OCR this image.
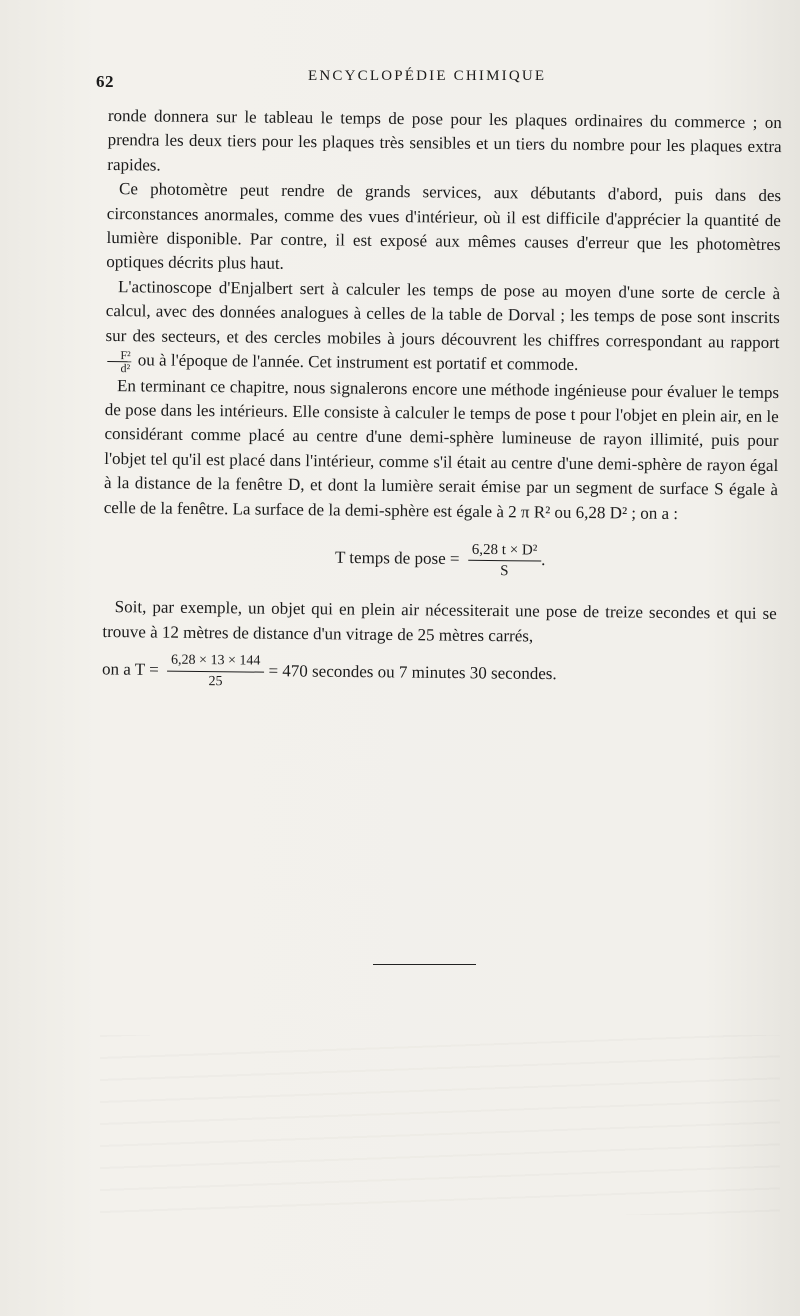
62	ENCYCLOPÉDIE CHIMIQUE

ronde donnera sur le tableau le temps de pose pour les plaques ordinaires du commerce ; on prendra les deux tiers pour les plaques très sensibles et un tiers du nombre pour les plaques extra rapides.

Ce photomètre peut rendre de grands services, aux débutants d'abord, puis dans des circonstances anormales, comme des vues d'intérieur, où il est difficile d'apprécier la quantité de lumière disponible. Par contre, il est exposé aux mêmes causes d'erreur que les photomètres optiques décrits plus haut.

L'actinoscope d'Enjalbert sert à calculer les temps de pose au moyen d'une sorte de cercle à calcul, avec des données analogues à celles de la table de Dorval ; les temps de pose sont inscrits sur des secteurs, et des cercles mobiles à jours découvrent les chiffres correspondant au rapport
$\frac{\text{F²}}{\text{d²}}$ ou à l'époque de l'année. Cet instrument est portatif et commode.

En terminant ce chapitre, nous signalerons encore une méthode ingénieuse pour évaluer le temps de pose dans les intérieurs. Elle consiste à calculer le temps de pose t pour l'objet en plein air, en le considérant comme placé au centre d'une demi-sphère lumineuse de rayon illimité, puis pour l'objet tel qu'il est placé dans l'intérieur, comme s'il était au centre d'une demi-sphère de rayon égal à la distance de la fenêtre D, et dont la lumière serait émise par un segment de surface S égale à celle de la fenêtre. La surface de la demi-sphère est égale à 2 π R² ou 6,28 D² ; on a :

T temps de pose = $\frac{\text{6,28 t × D²}}{S}$ .

Soit, par exemple, un objet qui en plein air nécessiterait une pose de treize secondes et qui se trouve à 12 mètres de distance d'un vitrage de 25 mètres carrés,

on a $T = \frac{6,28 \times 13 \times 144}{25} = 470$ secondes ou 7 minutes 30 secondes.
